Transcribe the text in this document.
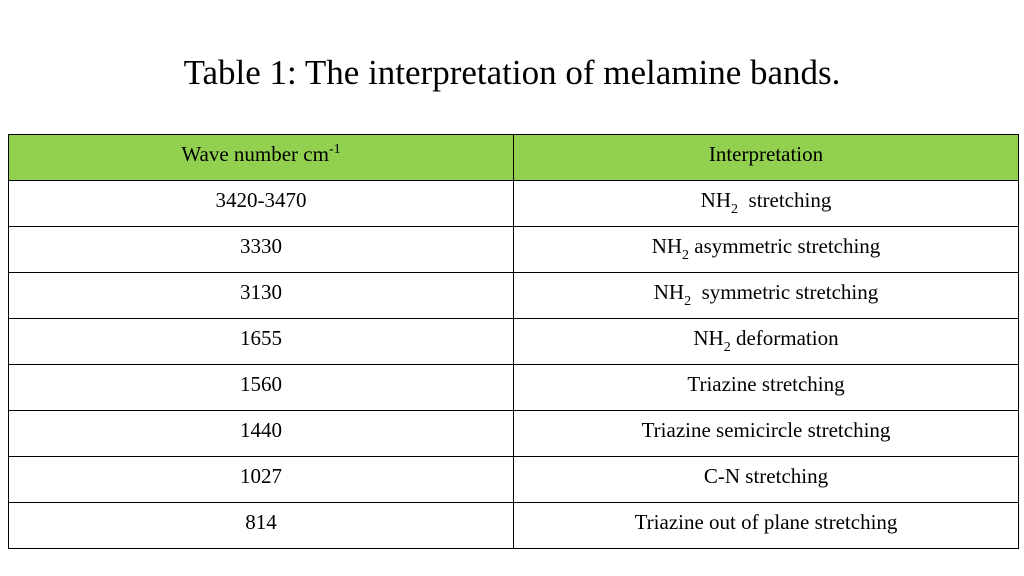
Table 1: The interpretation of melamine bands.
Wave number $cm^{-1}$	Interpretation
3420-3470	$NH_2$  stretching
3330	$NH_2$ asymmetric stretching
3130	$NH_2$  symmetric stretching
1655	$NH_2$ deformation
1560	Triazine stretching
1440	Triazine semicircle stretching
1027	C-N stretching
814	Triazine out of plane stretching
